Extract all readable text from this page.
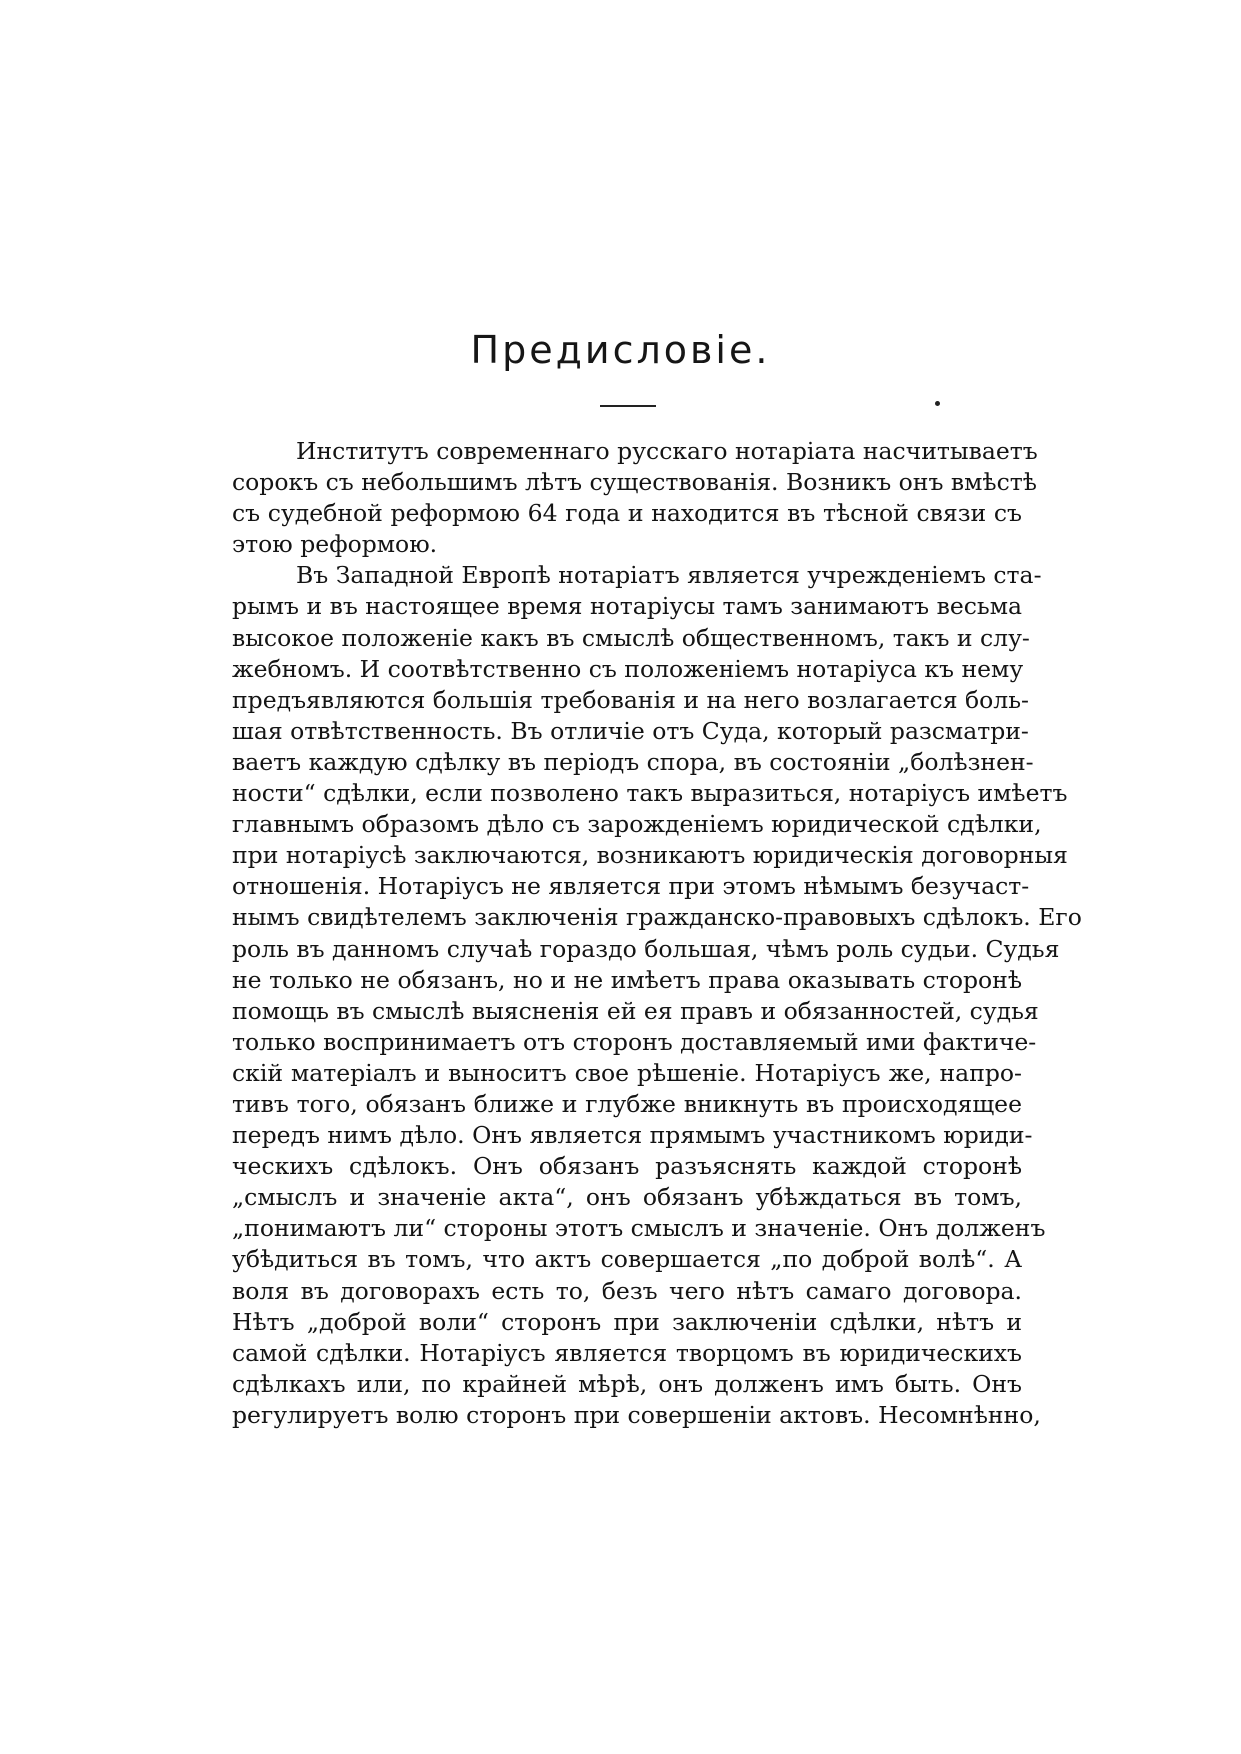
Предисловіе.
Институтъ современнаго русскаго нотаріата насчитываетъ
сорокъ съ небольшимъ лѣтъ существованія. Возникъ онъ вмѣстѣ
съ судебной реформою 64 года и находится въ тѣсной связи съ
этою реформою.
Въ Западной Европѣ нотаріатъ является учрежденіемъ ста-
рымъ и въ настоящее время нотаріусы тамъ занимаютъ весьма
высокое положеніе какъ въ смыслѣ общественномъ, такъ и слу-
жебномъ. И соотвѣтственно съ положеніемъ нотаріуса къ нему
предъявляются большія требованія и на него возлагается боль-
шая отвѣтственность. Въ отличіе отъ Суда, который разсматри-
ваетъ каждую сдѣлку въ періодъ спора, въ состояніи „болѣзнен-
ности“ сдѣлки, если позволено такъ выразиться, нотаріусъ имѣетъ
главнымъ образомъ дѣло съ зарожденіемъ юридической сдѣлки,
при нотаріусѣ заключаются, возникаютъ юридическія договорныя
отношенія. Нотаріусъ не является при этомъ нѣмымъ безучаст-
нымъ свидѣтелемъ заключенія гражданско-правовыхъ сдѣлокъ. Его
роль въ данномъ случаѣ гораздо большая, чѣмъ роль судьи. Судья
не только не обязанъ, но и не имѣетъ права оказывать сторонѣ
помощь въ смыслѣ выясненія ей ея правъ и обязанностей, судья
только воспринимаетъ отъ сторонъ доставляемый ими фактиче-
скій матеріалъ и выноситъ свое рѣшеніе. Нотаріусъ же, напро-
тивъ того, обязанъ ближе и глубже вникнуть въ происходящее
передъ нимъ дѣло. Онъ является прямымъ участникомъ юриди-
ческихъ сдѣлокъ. Онъ обязанъ разъяснять каждой сторонѣ
„смыслъ и значеніе акта“, онъ обязанъ убѣждаться въ томъ,
„понимаютъ ли“ стороны этотъ смыслъ и значеніе. Онъ долженъ
убѣдиться въ томъ, что актъ совершается „по доброй волѣ“. А
воля въ договорахъ есть то, безъ чего нѣтъ самаго договора.
Нѣтъ „доброй воли“ сторонъ при заключеніи сдѣлки, нѣтъ и
самой сдѣлки. Нотаріусъ является творцомъ въ юридическихъ
сдѣлкахъ или, по крайней мѣрѣ, онъ долженъ имъ быть. Онъ
регулируетъ волю сторонъ при совершеніи актовъ. Несомнѣнно,
